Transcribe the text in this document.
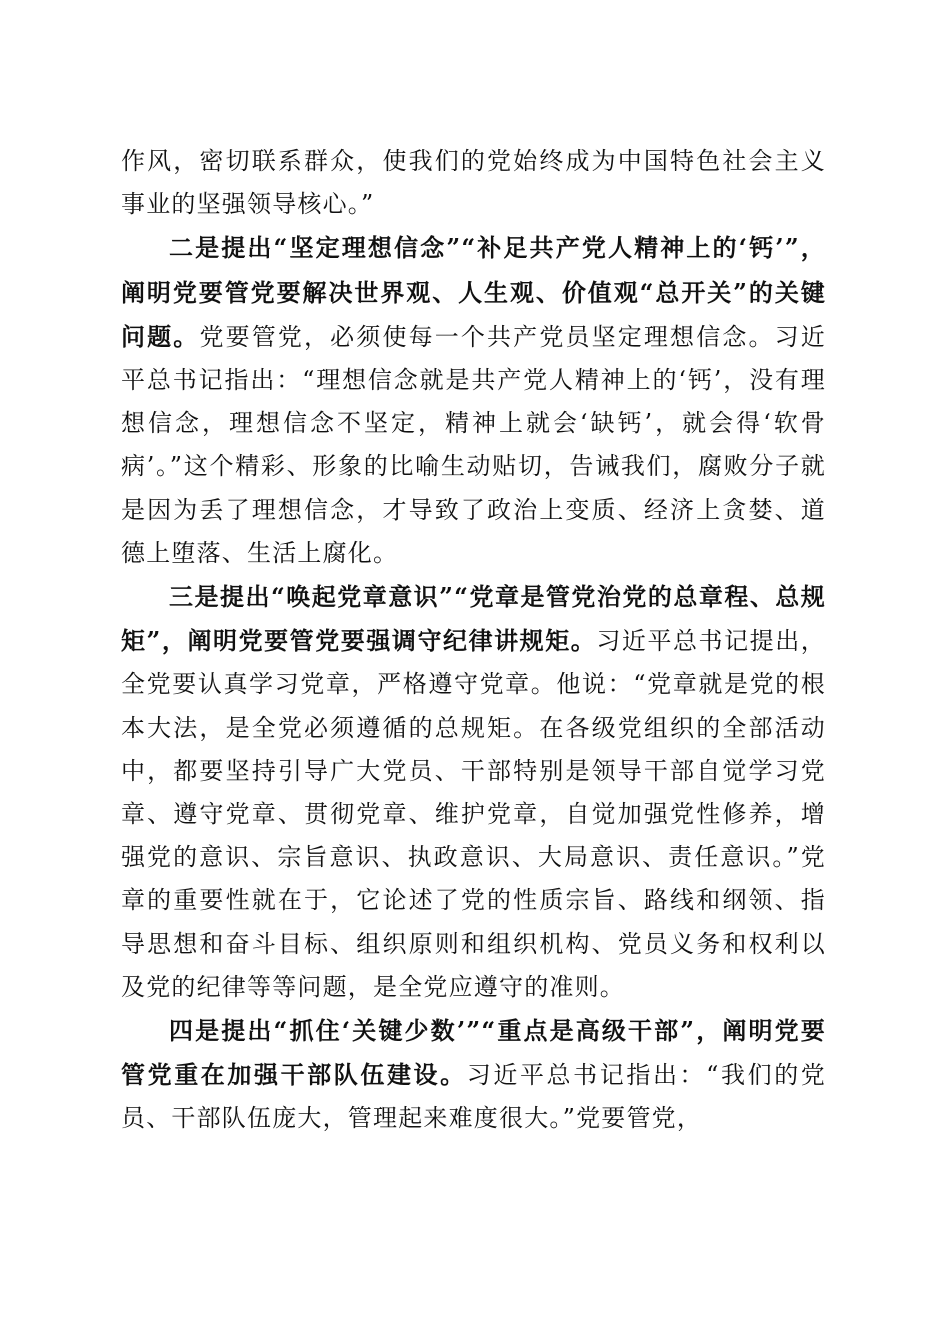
作风，密切联系群众，使我们的党始终成为中国特色社会主义事业的坚强领导核心。”

二是提出“坚定理想信念”“补足共产党人精神上的‘钙’”，阐明党要管党要解决世界观、人生观、价值观“总开关”的关键问题。党要管党，必须使每一个共产党员坚定理想信念。习近平总书记指出：“理想信念就是共产党人精神上的‘钙’，没有理想信念，理想信念不坚定，精神上就会‘缺钙’，就会得‘软骨病’。”这个精彩、形象的比喻生动贴切，告诫我们，腐败分子就是因为丢了理想信念，才导致了政治上变质、经济上贪婪、道德上堕落、生活上腐化。

三是提出“唤起党章意识”“党章是管党治党的总章程、总规矩”，阐明党要管党要强调守纪律讲规矩。习近平总书记提出，全党要认真学习党章，严格遵守党章。他说：“党章就是党的根本大法，是全党必须遵循的总规矩。在各级党组织的全部活动中，都要坚持引导广大党员、干部特别是领导干部自觉学习党章、遵守党章、贯彻党章、维护党章，自觉加强党性修养，增强党的意识、宗旨意识、执政意识、大局意识、责任意识。”党章的重要性就在于，它论述了党的性质宗旨、路线和纲领、指导思想和奋斗目标、组织原则和组织机构、党员义务和权利以及党的纪律等等问题，是全党应遵守的准则。

四是提出“抓住‘关键少数’”“重点是高级干部”，阐明党要管党重在加强干部队伍建设。习近平总书记指出：“我们的党员、干部队伍庞大，管理起来难度很大。”党要管党，
